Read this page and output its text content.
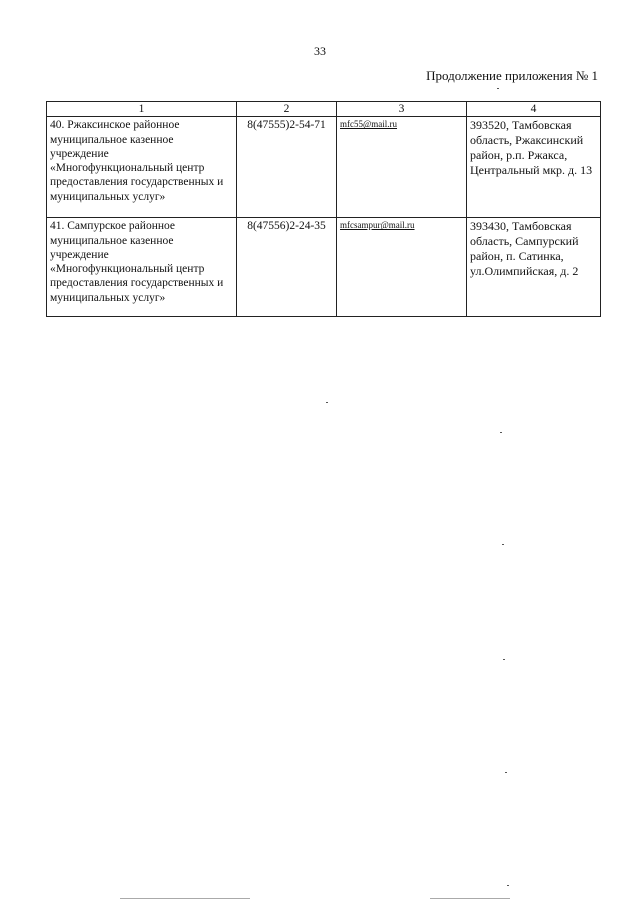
33
Продолжение приложения № 1
1	2	3	4
40. Ржаксинское районное муниципальное казенное учреждение «Многофункциональный центр предоставления государственных и муниципальных услуг»	8(47555)2-54-71	mfc55@mail.ru	393520, Тамбовская область, Ржаксинский район, р.п. Ржакса, Центральный мкр. д. 13
41. Сампурское районное муниципальное казенное учреждение «Многофункциональный центр предоставления государственных и муниципальных услуг»	8(47556)2-24-35	mfcsampur@mail.ru	393430, Тамбовская область, Сампурский район, п. Сатинка, ул.Олимпийская, д. 2
